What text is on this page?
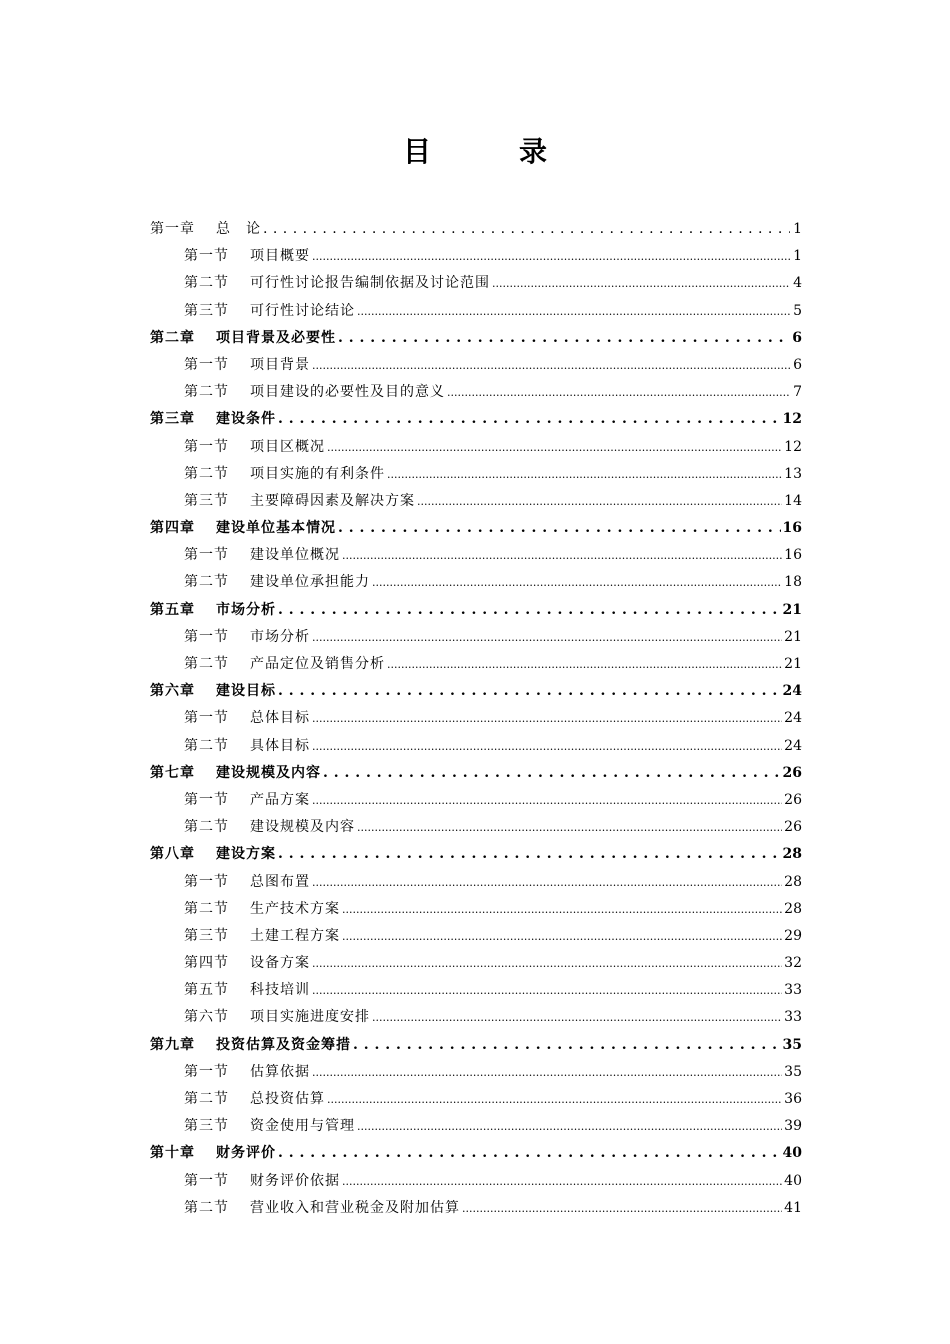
目　录
第一章	总　论 . . .	1
第一节	项目概要 .....	1
第二节	可行性讨论报告编制依据及讨论范围 .....	4
第三节	可行性讨论结论 .....	5
第二章	项目背景及必要性 . . .	6
第一节	项目背景 .....	6
第二节	项目建设的必要性及目的意义 .....	7
第三章	建设条件 . . .	12
第一节	项目区概况 .....	12
第二节	项目实施的有利条件 .....	13
第三节	主要障碍因素及解决方案 .....	14
第四章	建设单位基本情况 . . .	16
第一节	建设单位概况 .....	16
第二节	建设单位承担能力 .....	18
第五章	市场分析 . . .	21
第一节	市场分析 .....	21
第二节	产品定位及销售分析 .....	21
第六章	建设目标 . . .	24
第一节	总体目标 .....	24
第二节	具体目标 .....	24
第七章	建设规模及内容 . . .	26
第一节	产品方案 .....	26
第二节	建设规模及内容 .....	26
第八章	建设方案 . . .	28
第一节	总图布置 .....	28
第二节	生产技术方案 .....	28
第三节	土建工程方案 .....	29
第四节	设备方案 .....	32
第五节	科技培训 .....	33
第六节	项目实施进度安排 .....	33
第九章	投资估算及资金筹措 . . .	35
第一节	估算依据 .....	35
第二节	总投资估算 .....	36
第三节	资金使用与管理 .....	39
第十章	财务评价 . . .	40
第一节	财务评价依据 .....	40
第二节	营业收入和营业税金及附加估算 .....	41
